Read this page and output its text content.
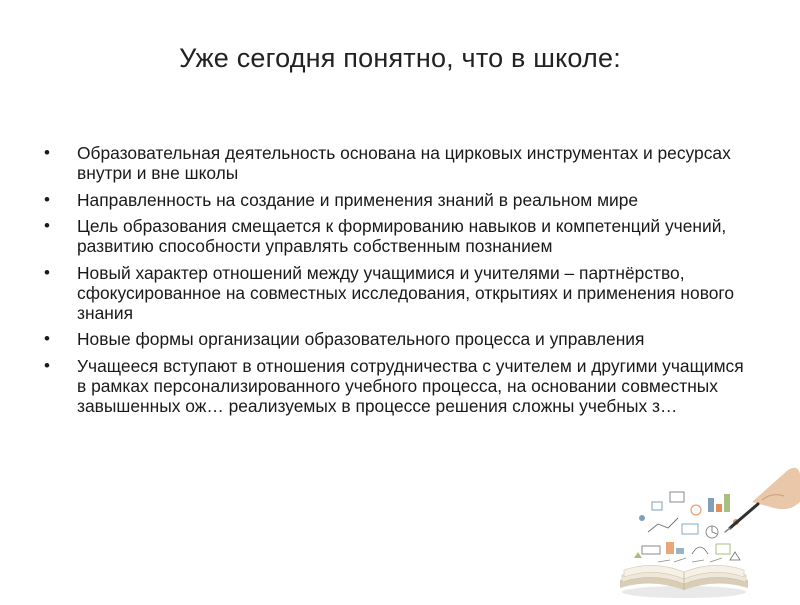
Уже сегодня понятно, что в школе:
• Образовательная деятельность основана на цирковых инструментах и ресурсах внутри и вне школы
• Направленность на создание и применения знаний в реальном мире
• Цель образования смещается к формированию навыков и компетенций учений, развитию способности управлять собственным познанием
• Новый характер отношений между учащимися и учителями – партнёрство, сфокусированное на совместных исследования, открытиях и применения нового знания
• Новые формы организации образовательного процесса и управления
• Учащееся вступают в отношения сотрудничества с учителем и другими учащимся в рамках персонализированного учебного процесса, на основании совместных завышенных ож… реализуемых в процессе решения сложны учебных з…
